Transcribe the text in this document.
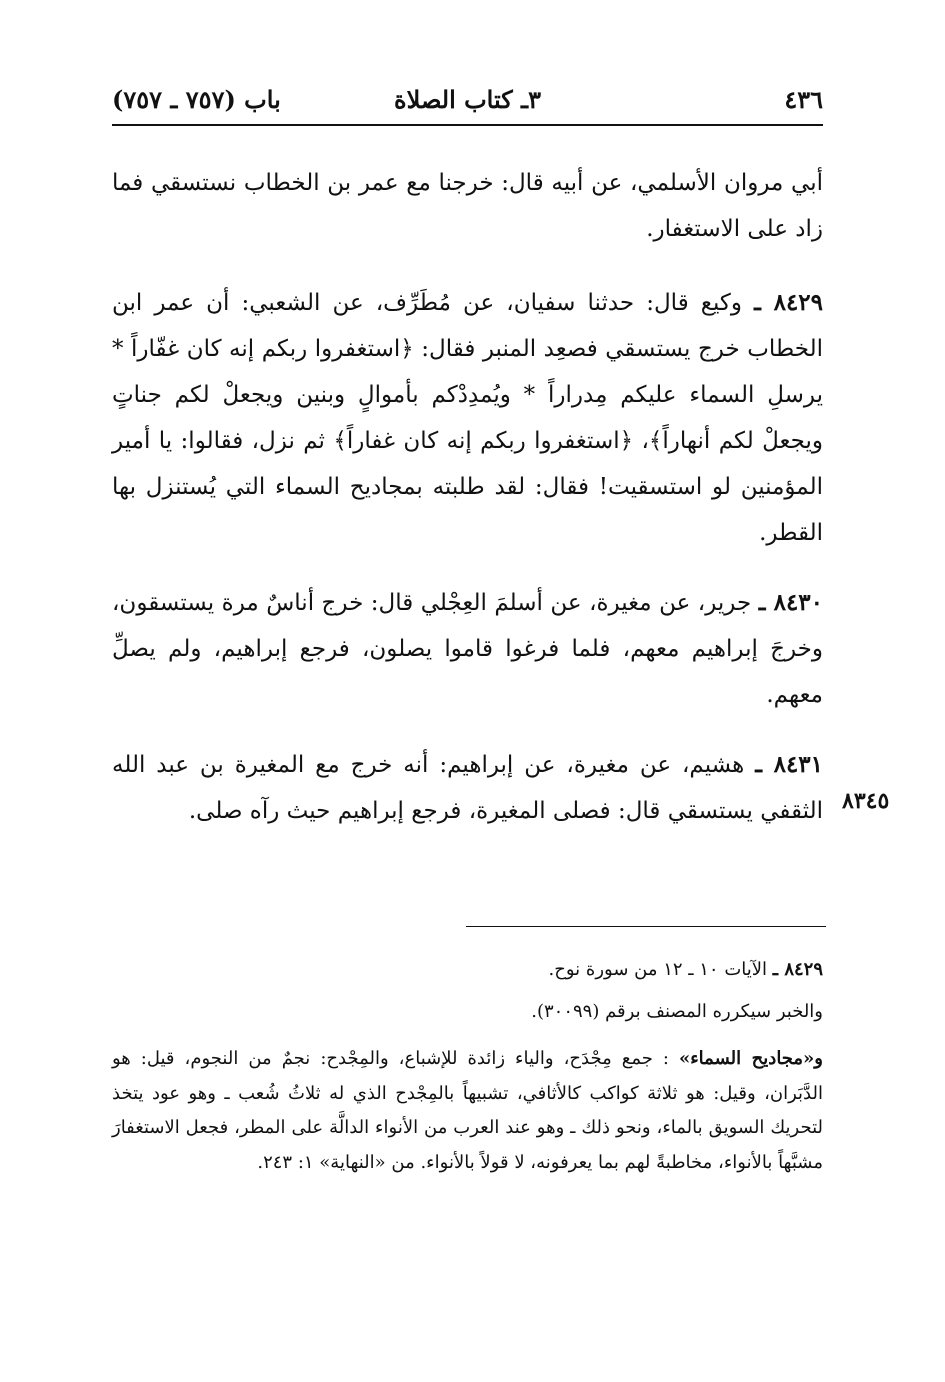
٤٣٦
٣ـ كتاب الصلاة
باب (٧٥٧ ـ ٧٥٧)

أبي مروان الأسلمي، عن أبيه قال: خرجنا مع عمر بن الخطاب نستسقي فما زاد على الاستغفار.

٨٤٢٩ ـ وكيع قال: حدثنا سفيان، عن مُطَرِّف، عن الشعبي: أن عمر ابن الخطاب خرج يستسقي فصعِد المنبر فقال: ﴿استغفروا ربكم إنه كان غفّاراً * يرسلِ السماء عليكم مِدراراً * ويُمدِدْكم بأموالٍ وبنين ويجعلْ لكم جناتٍ ويجعلْ لكم أنهاراً﴾، ﴿استغفروا ربكم إنه كان غفاراً﴾ ثم نزل، فقالوا: يا أمير المؤمنين لو استسقيت! فقال: لقد طلبته بمجاديح السماء التي يُستنزل بها القطر.

٨٤٣٠ ـ جرير، عن مغيرة، عن أسلمَ العِجْلي قال: خرج أناسٌ مرة يستسقون، وخرجَ إبراهيم معهم، فلما فرغوا قاموا يصلون، فرجع إبراهيم، ولم يصلِّ معهم.

٨٤٣١ ـ هشيم، عن مغيرة، عن إبراهيم: أنه خرج مع المغيرة بن عبد الله الثقفي يستسقي قال: فصلى المغيرة، فرجع إبراهيم حيث رآه صلى. ٨٣٤٥

٨٤٢٩ ـ الآيات ١٠ ـ ١٢ من سورة نوح.

والخبر سيكرره المصنف برقم (٣٠٠٩٩).

و«مجاديح السماء» : جمع مِجْدَح، والياء زائدة للإشباع، والمِجْدح: نجمٌ من النجوم، قيل: هو الدَّبَران، وقيل: هو ثلاثة كواكب كالأثافي، تشبيهاً بالمِجْدح الذي له ثلاثُ شُعب ـ وهو عود يتخذ لتحريك السويق بالماء، ونحو ذلك ـ وهو عند العرب من الأنواء الدالَّة على المطر، فجعل الاستغفارَ مشبَّهاً بالأنواء، مخاطبةً لهم بما يعرفونه، لا قولاً بالأنواء. من «النهاية» ١: ٢٤٣.
